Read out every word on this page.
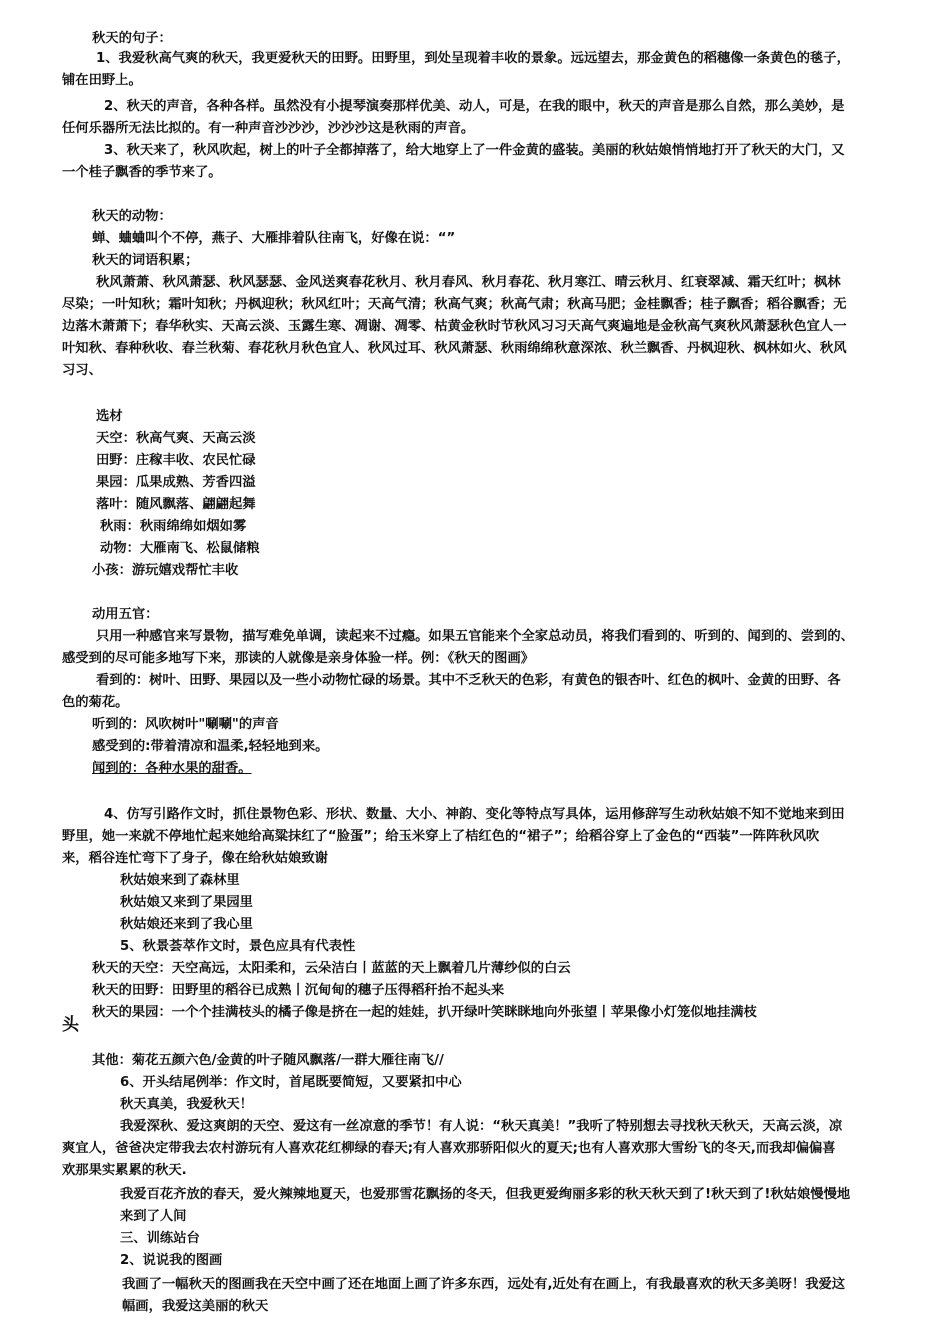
秋天的句子：
1、我爱秋高气爽的秋天，我更爱秋天的田野。田野里，到处呈现着丰收的景象。远远望去，那金黄色的稻穗像一条黄色的毯子，
铺在田野上。
2、秋天的声音，各种各样。虽然没有小提琴演奏那样优美、动人，可是，在我的眼中，秋天的声音是那么自然，那么美妙，是
任何乐器所无法比拟的。有一种声音沙沙沙，沙沙沙这是秋雨的声音。
3、秋天来了，秋风吹起，树上的叶子全都掉落了，给大地穿上了一件金黄的盛装。美丽的秋姑娘悄悄地打开了秋天的大门，又
一个桂子飘香的季节来了。
秋天的动物：
蝉、蛐蛐叫个不停，燕子、大雁排着队往南飞，好像在说：“”
秋天的词语积累；
秋风萧萧、秋风萧瑟、秋风瑟瑟、金风送爽春花秋月、秋月春风、秋月春花、秋月寒江、晴云秋月、红衰翠减、霜天红叶；枫林
尽染；一叶知秋；霜叶知秋；丹枫迎秋；秋风红叶；天高气清；秋高气爽；秋高气肃；秋高马肥；金桂飘香；桂子飘香；稻谷飘香；无
边落木萧萧下；春华秋实、天高云淡、玉露生寒、凋谢、凋零、枯黄金秋时节秋风习习天高气爽遍地是金秋高气爽秋风萧瑟秋色宜人一
叶知秋、春种秋收、春兰秋菊、春花秋月秋色宜人、秋风过耳、秋风萧瑟、秋雨绵绵秋意深浓、秋兰飘香、丹枫迎秋、枫林如火、秋风
习习、
选材
天空：秋高气爽、天高云淡
田野：庄稼丰收、农民忙碌
果园：瓜果成熟、芳香四溢
落叶：随风飘落、翩翩起舞
秋雨：秋雨绵绵如烟如雾
动物：大雁南飞、松鼠储粮
小孩：游玩嬉戏帮忙丰收
动用五官：
只用一种感官来写景物，描写难免单调，读起来不过瘾。如果五官能来个全家总动员，将我们看到的、听到的、闻到的、尝到的、
感受到的尽可能多地写下来，那读的人就像是亲身体验一样。例：《秋天的图画》
看到的：树叶、田野、果园以及一些小动物忙碌的场景。其中不乏秋天的色彩，有黄色的银杏叶、红色的枫叶、金黄的田野、各
色的菊花。
听到的：风吹树叶"唰唰"的声音
感受到的:带着清凉和温柔,轻轻地到来。
闻到的：各种水果的甜香。
4、仿写引路作文时，抓住景物色彩、形状、数量、大小、神韵、变化等特点写具体，运用修辞写生动秋姑娘不知不觉地来到田
野里，她一来就不停地忙起来她给高粱抹红了“脸蛋”；给玉米穿上了桔红色的“裙子”；给稻谷穿上了金色的“西装”一阵阵秋风吹
来，稻谷连忙弯下了身子，像在给秋姑娘致谢
秋姑娘来到了森林里
秋姑娘又来到了果园里
秋姑娘还来到了我心里
5、秋景荟萃作文时，景色应具有代表性
秋天的天空：天空高远，太阳柔和，云朵洁白丨蓝蓝的天上飘着几片薄纱似的白云
秋天的田野：田野里的稻谷已成熟丨沉甸甸的穗子压得稻秆抬不起头来
秋天的果园：一个个挂满枝头的橘子像是挤在一起的娃娃，扒开绿叶笑眯眯地向外张望丨苹果像小灯笼似地挂满枝
其他：菊花五颜六色/金黄的叶子随风飘落/一群大雁往南飞//
6、开头结尾例举：作文时，首尾既要简短，又要紧扣中心
秋天真美，我爱秋天！
我爱深秋、爱这爽朗的天空、爱这有一丝凉意的季节！有人说：“秋天真美！”我听了特别想去寻找秋天秋天，天高云淡，凉
爽宜人，爸爸决定带我去农村游玩有人喜欢花红柳绿的春天;有人喜欢那骄阳似火的夏天;也有人喜欢那大雪纷飞的冬天,而我却偏偏喜
欢那果实累累的秋天.
我爱百花齐放的春天，爱火辣辣地夏天，也爱那雪花飘扬的冬天，但我更爱绚丽多彩的秋天秋天到了!秋天到了!秋姑娘慢慢地
来到了人间
三、训练站台
2、说说我的图画
我画了一幅秋天的图画我在天空中画了还在地面上画了许多东西，远处有,近处有在画上，有我最喜欢的秋天多美呀！我爱这
幅画，我爱这美丽的秋天
头
